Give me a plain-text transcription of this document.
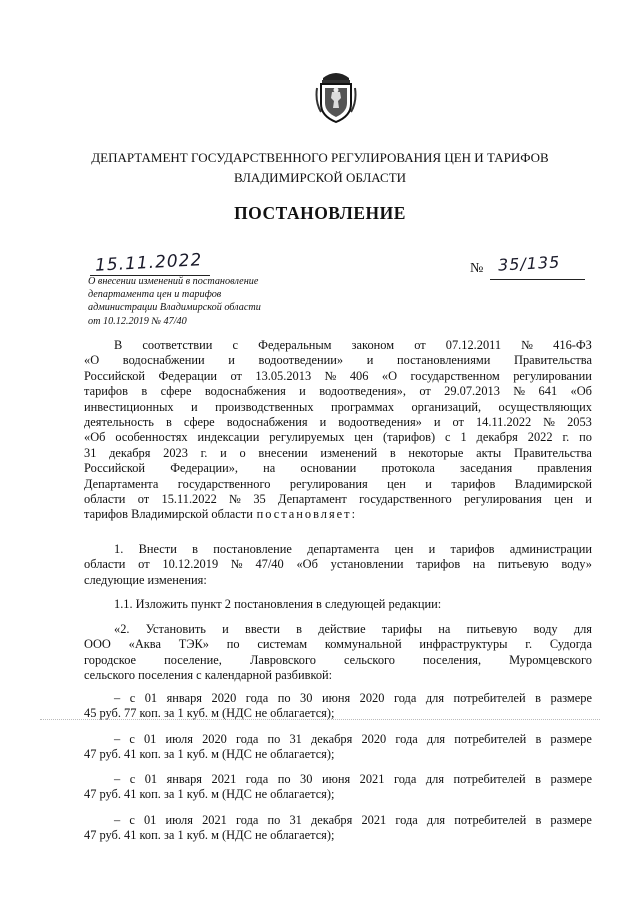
ДЕПАРТАМЕНТ ГОСУДАРСТВЕННОГО РЕГУЛИРОВАНИЯ ЦЕН И ТАРИФОВ
ВЛАДИМИРСКОЙ ОБЛАСТИ
ПОСТАНОВЛЕНИЕ
15.11.2022	№ 35/135
О внесении изменений в постановление
департамента цен и тарифов
администрации Владимирской области
от 10.12.2019 № 47/40
В соответствии с Федеральным законом от 07.12.2011 № 416-ФЗ
«О водоснабжении и водоотведении» и постановлениями Правительства
Российской Федерации от 13.05.2013 № 406 «О государственном регулировании
тарифов в сфере водоснабжения и водоотведения», от 29.07.2013 № 641 «Об
инвестиционных и производственных программах организаций, осуществляющих
деятельность в сфере водоснабжения и водоотведения» и от 14.11.2022 № 2053
«Об особенностях индексации регулируемых цен (тарифов) с 1 декабря 2022 г. по
31 декабря 2023 г. и о внесении изменений в некоторые акты Правительства
Российской Федерации», на основании протокола заседания правления
Департамента государственного регулирования цен и тарифов Владимирской
области от 15.11.2022 № 35 Департамент государственного регулирования цен и
тарифов Владимирской области постановляет:
1. Внести в постановление департамента цен и тарифов администрации
области от 10.12.2019 № 47/40 «Об установлении тарифов на питьевую воду»
следующие изменения:
1.1. Изложить пункт 2 постановления в следующей редакции:
«2. Установить и ввести в действие тарифы на питьевую воду для
ООО «Аква ТЭК» по системам коммунальной инфраструктуры г. Судогда
городское поселение, Лавровского сельского поселения, Муромцевского
сельского поселения с календарной разбивкой:
– с 01 января 2020 года по 30 июня 2020 года для потребителей в размере
45 руб. 77 коп. за 1 куб. м (НДС не облагается);
– с 01 июля 2020 года по 31 декабря 2020 года для потребителей в размере
47 руб. 41 коп. за 1 куб. м (НДС не облагается);
– с 01 января 2021 года по 30 июня 2021 года для потребителей в размере
47 руб. 41 коп. за 1 куб. м (НДС не облагается);
– с 01 июля 2021 года по 31 декабря 2021 года для потребителей в размере
47 руб. 41 коп. за 1 куб. м (НДС не облагается);
